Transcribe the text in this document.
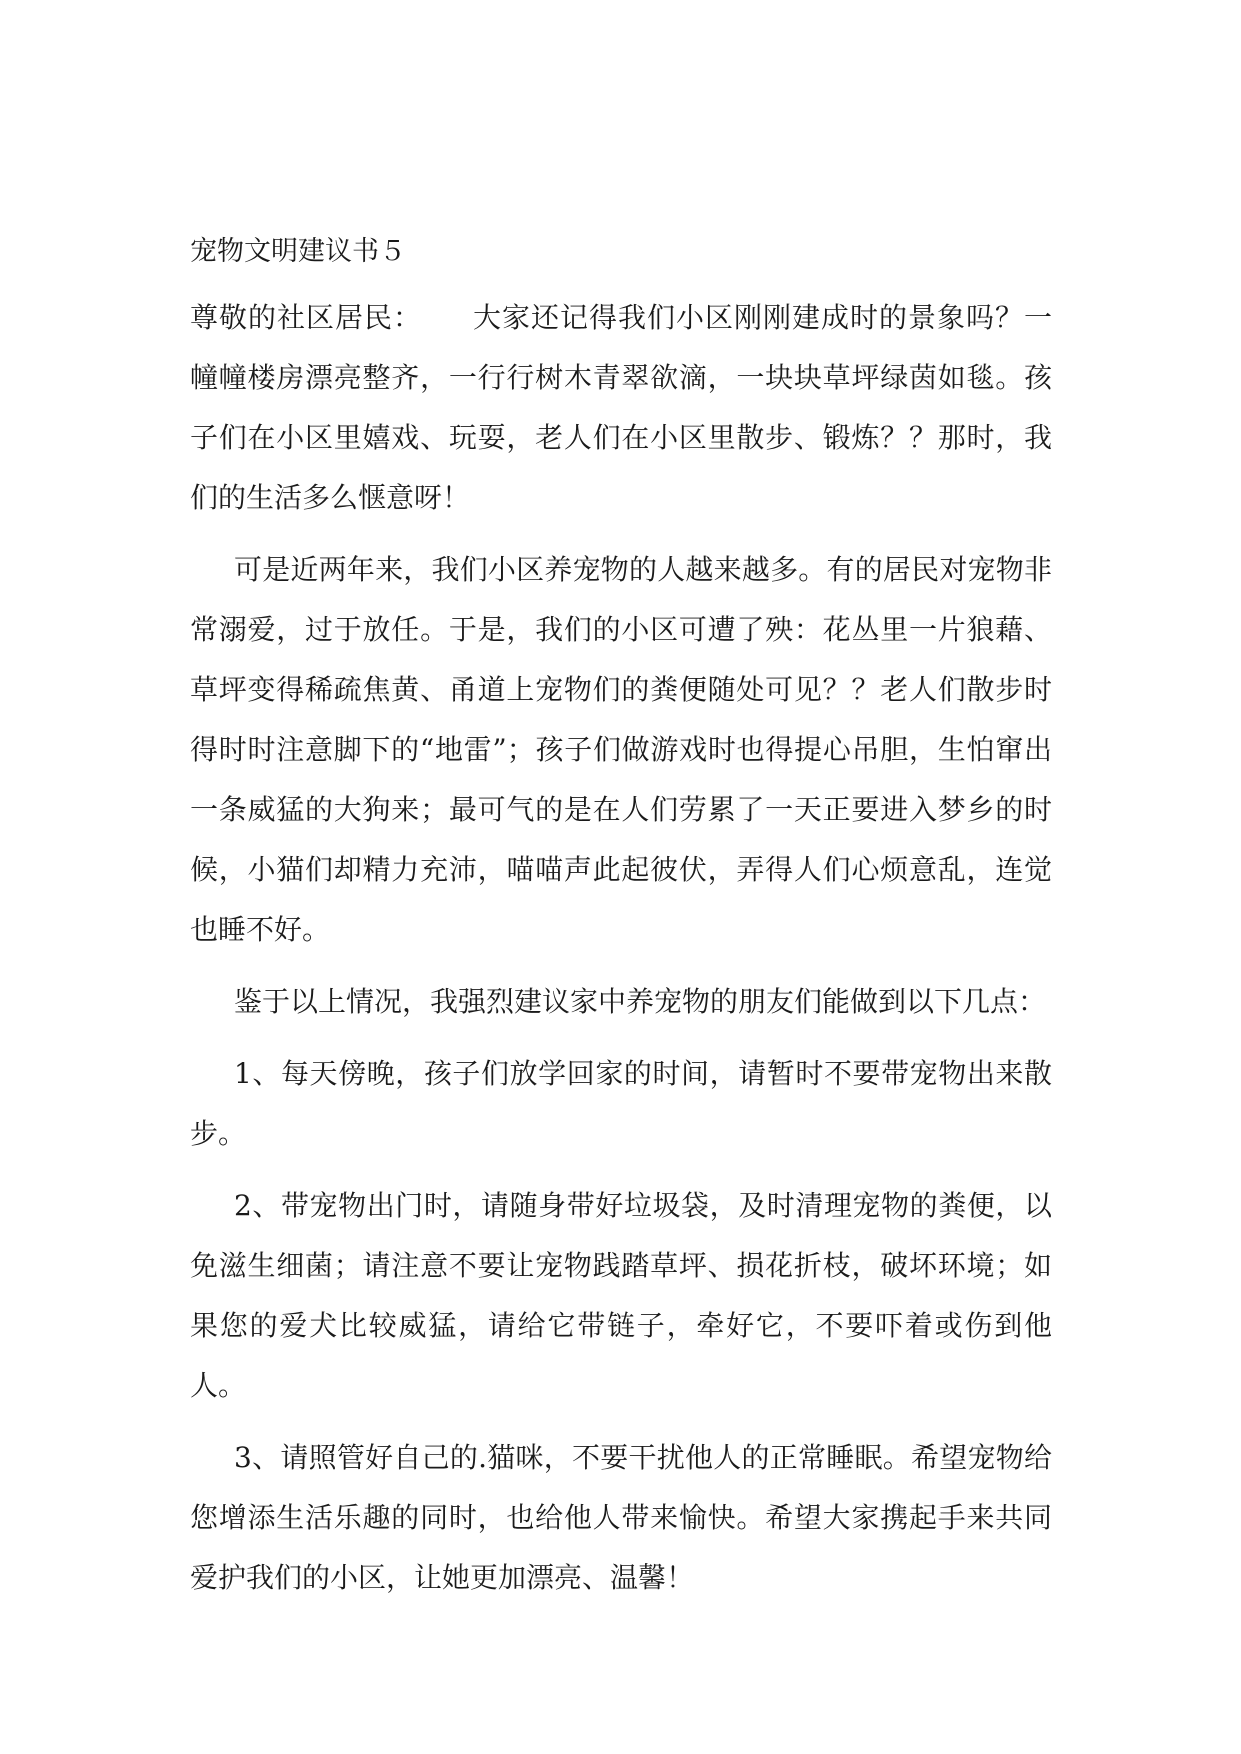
宠物文明建议书５

尊敬的社区居民： 大家还记得我们小区刚刚建成时的景象吗？一幢幢楼房漂亮整齐，一行行树木青翠欲滴，一块块草坪绿茵如毯。孩子们在小区里嬉戏、玩耍，老人们在小区里散步、锻炼？？那时，我们的生活多么惬意呀！

可是近两年来，我们小区养宠物的人越来越多。有的居民对宠物非常溺爱，过于放任。于是，我们的小区可遭了殃：花丛里一片狼藉、草坪变得稀疏焦黄、甬道上宠物们的粪便随处可见？？老人们散步时得时时注意脚下的“地雷”；孩子们做游戏时也得提心吊胆，生怕窜出一条威猛的大狗来；最可气的是在人们劳累了一天正要进入梦乡的时候，小猫们却精力充沛，喵喵声此起彼伏，弄得人们心烦意乱，连觉也睡不好。

鉴于以上情况，我强烈建议家中养宠物的朋友们能做到以下几点：

1、每天傍晚，孩子们放学回家的时间，请暂时不要带宠物出来散步。

2、带宠物出门时，请随身带好垃圾袋，及时清理宠物的粪便，以免滋生细菌；请注意不要让宠物践踏草坪、损花折枝，破坏环境；如果您的爱犬比较威猛，请给它带链子，牵好它，不要吓着或伤到他人。

3、请照管好自己的.猫咪，不要干扰他人的正常睡眠。希望宠物给您增添生活乐趣的同时，也给他人带来愉快。希望大家携起手来共同爱护我们的小区，让她更加漂亮、温馨！
